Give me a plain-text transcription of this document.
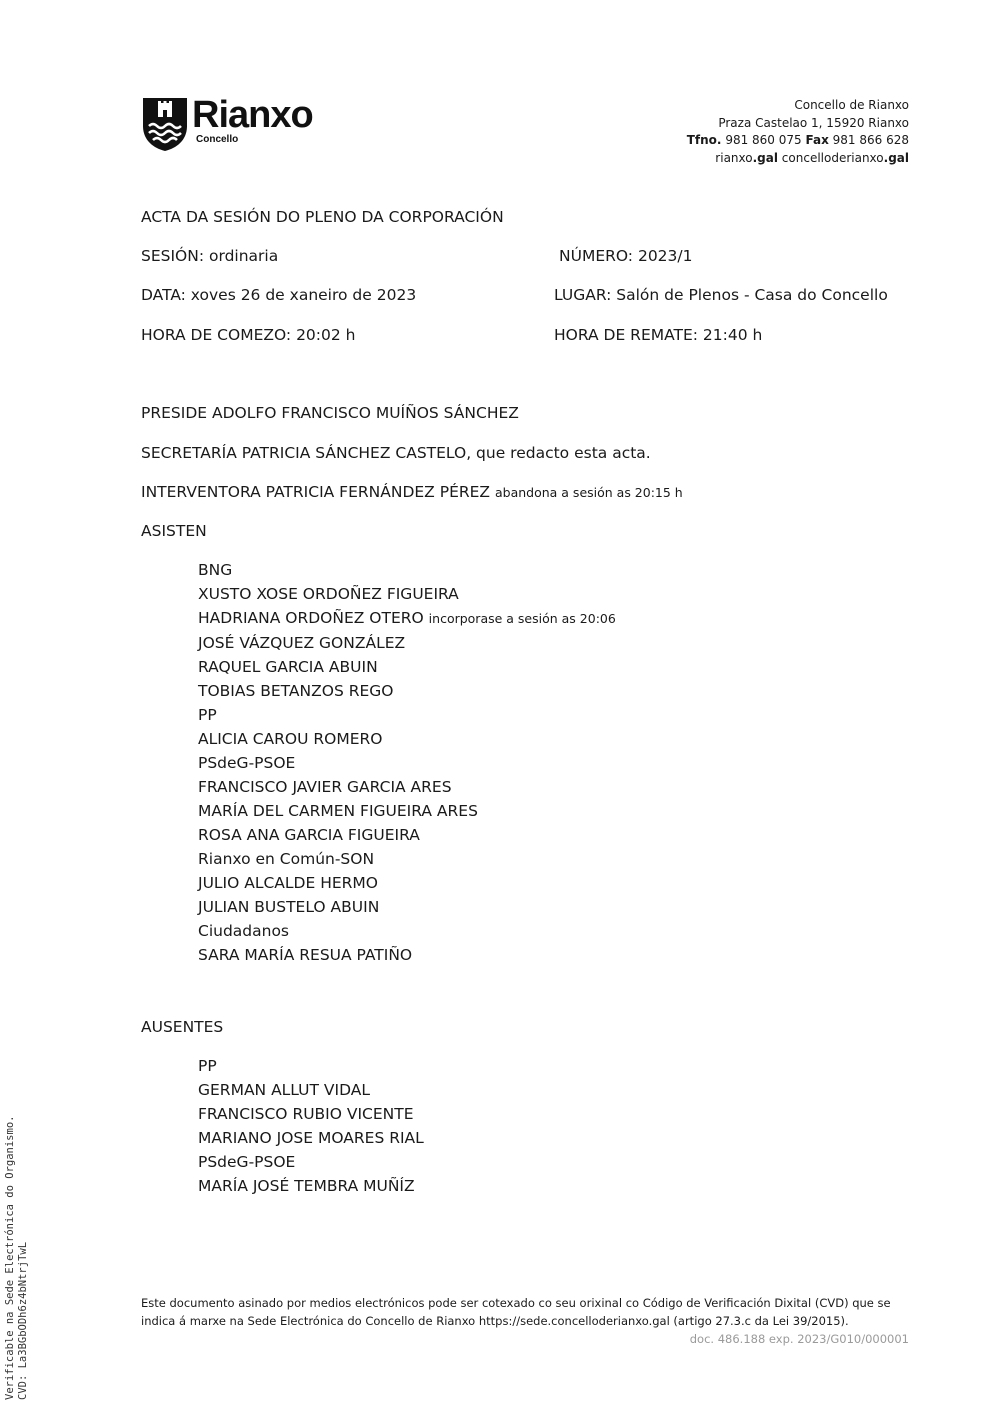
Rianxo
Concello
Concello de Rianxo
Praza Castelao 1, 15920 Rianxo
Tfno. 981 860 075 Fax 981 866 628
rianxo.gal concelloderianxo.gal
ACTA DA SESIÓN DO PLENO DA CORPORACIÓN
SESIÓN: ordinaria	NÚMERO: 2023/1
DATA: xoves 26 de xaneiro de 2023	LUGAR: Salón de Plenos - Casa do Concello
HORA DE COMEZO: 20:02 h	HORA DE REMATE: 21:40 h
PRESIDE ADOLFO FRANCISCO MUÍÑOS SÁNCHEZ
SECRETARÍA PATRICIA SÁNCHEZ CASTELO, que redacto esta acta.
INTERVENTORA PATRICIA FERNÁNDEZ PÉREZ abandona a sesión as 20:15 h
ASISTEN
BNG
XUSTO XOSE ORDOÑEZ FIGUEIRA
HADRIANA ORDOÑEZ OTERO incorporase a sesión as 20:06
JOSÉ VÁZQUEZ GONZÁLEZ
RAQUEL GARCIA ABUIN
TOBIAS BETANZOS REGO
PP
ALICIA CAROU ROMERO
PSdeG-PSOE
FRANCISCO JAVIER GARCIA ARES
MARÍA DEL CARMEN FIGUEIRA ARES
ROSA ANA GARCIA FIGUEIRA
Rianxo en Común-SON
JULIO ALCALDE HERMO
JULIAN BUSTELO ABUIN
Ciudadanos
SARA MARÍA RESUA PATIÑO
AUSENTES
PP
GERMAN ALLUT VIDAL
FRANCISCO RUBIO VICENTE
MARIANO JOSE MOARES RIAL
PSdeG-PSOE
MARÍA JOSÉ TEMBRA MUÑÍZ
Este documento asinado por medios electrónicos pode ser cotexado co seu orixinal co Código de Verificación Dixital (CVD) que se indica á marxe na Sede Electrónica do Concello de Rianxo https://sede.concelloderianxo.gal (artigo 27.3.c da Lei 39/2015).
doc. 486.188 exp. 2023/G010/000001
Verificable na Sede Electrónica do Organismo. CVD: La3BGbODh6z4bNtrjTwL
